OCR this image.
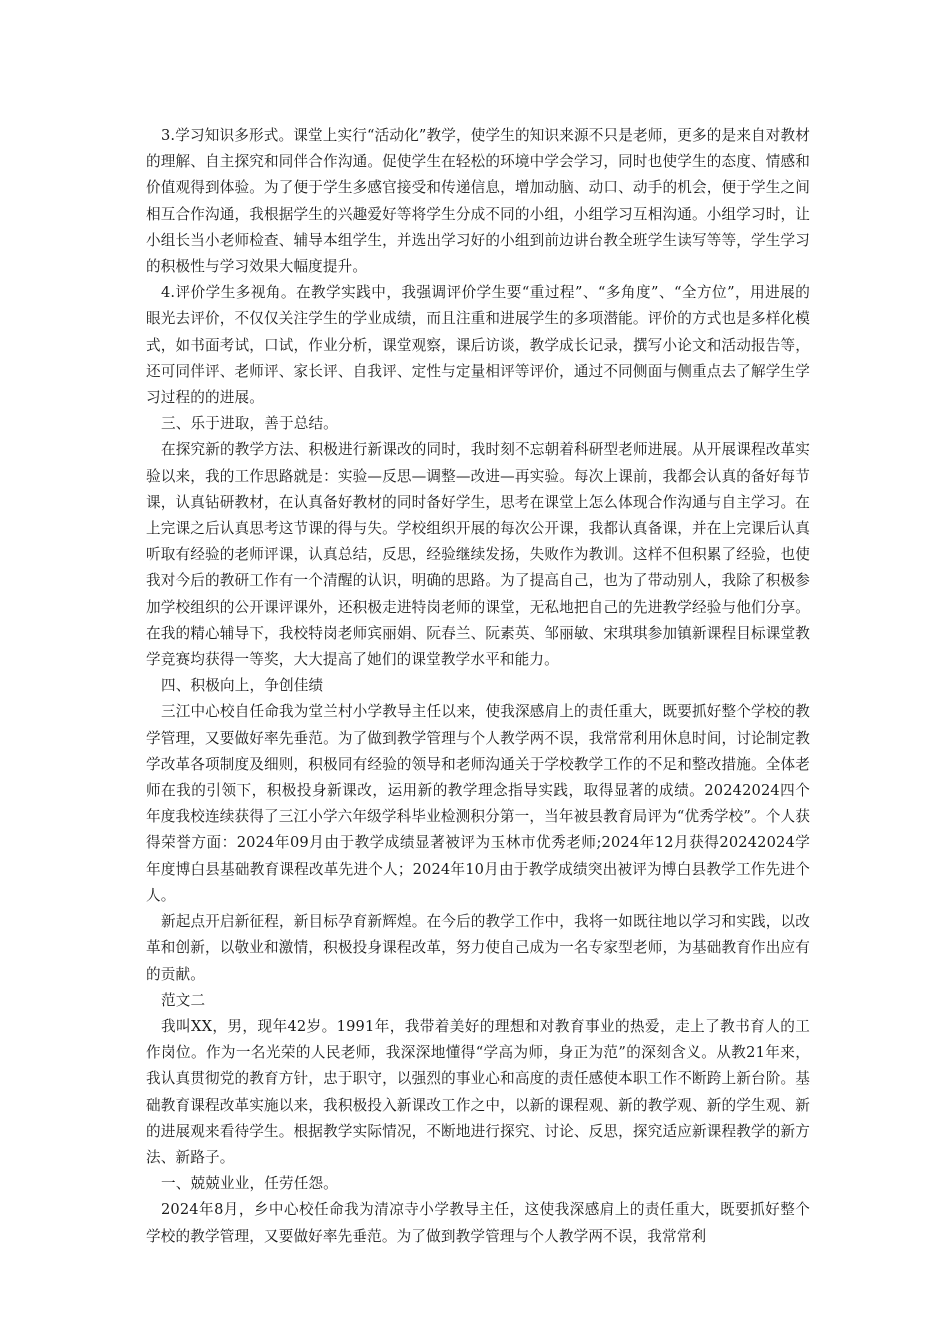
3.学习知识多形式。课堂上实行“活动化”教学，使学生的知识来源不只是老师，更多的是来自对教材的理解、自主探究和同伴合作沟通。促使学生在轻松的环境中学会学习，同时也使学生的态度、情感和价值观得到体验。为了便于学生多感官接受和传递信息，增加动脑、动口、动手的机会，便于学生之间相互合作沟通，我根据学生的兴趣爱好等将学生分成不同的小组，小组学习互相沟通。小组学习时，让小组长当小老师检查、辅导本组学生，并选出学习好的小组到前边讲台教全班学生读写等等，学生学习的积极性与学习效果大幅度提升。

4.评价学生多视角。在教学实践中，我强调评价学生要“重过程”、“多角度”、“全方位”，用进展的眼光去评价，不仅仅关注学生的学业成绩，而且注重和进展学生的多项潜能。评价的方式也是多样化模式，如书面考试，口试，作业分析，课堂观察，课后访谈，教学成长记录，撰写小论文和活动报告等，还可同伴评、老师评、家长评、自我评、定性与定量相评等评价，通过不同侧面与侧重点去了解学生学习过程的的进展。

三、乐于进取，善于总结。

在探究新的教学方法、积极进行新课改的同时，我时刻不忘朝着科研型老师进展。从开展课程改革实验以来，我的工作思路就是：实验—反思—调整—改进—再实验。每次上课前，我都会认真的备好每节课，认真钻研教材，在认真备好教材的同时备好学生，思考在课堂上怎么体现合作沟通与自主学习。在上完课之后认真思考这节课的得与失。学校组织开展的每次公开课，我都认真备课，并在上完课后认真听取有经验的老师评课，认真总结，反思，经验继续发扬，失败作为教训。这样不但积累了经验，也使我对今后的教研工作有一个清醒的认识，明确的思路。为了提高自己，也为了带动别人，我除了积极参加学校组织的公开课评课外，还积极走进特岗老师的课堂，无私地把自己的先进教学经验与他们分享。在我的精心辅导下，我校特岗老师宾丽娟、阮春兰、阮素英、邹丽敏、宋琪琪参加镇新课程目标课堂教学竞赛均获得一等奖，大大提高了她们的课堂教学水平和能力。

四、积极向上，争创佳绩

三江中心校自任命我为堂兰村小学教导主任以来，使我深感肩上的责任重大，既要抓好整个学校的教学管理，又要做好率先垂范。为了做到教学管理与个人教学两不误，我常常利用休息时间，讨论制定教学改革各项制度及细则，积极同有经验的领导和老师沟通关于学校教学工作的不足和整改措施。全体老师在我的引领下，积极投身新课改，运用新的教学理念指导实践，取得显著的成绩。20242024四个年度我校连续获得了三江小学六年级学科毕业检测积分第一，当年被县教育局评为“优秀学校”。个人获得荣誉方面：2024年09月由于教学成绩显著被评为玉林市优秀老师;2024年12月获得20242024学年度博白县基础教育课程改革先进个人；2024年10月由于教学成绩突出被评为博白县教学工作先进个人。

新起点开启新征程，新目标孕育新辉煌。在今后的教学工作中，我将一如既往地以学习和实践，以改革和创新，以敬业和激情，积极投身课程改革，努力使自己成为一名专家型老师，为基础教育作出应有的贡献。

范文二

我叫XX，男，现年42岁。1991年，我带着美好的理想和对教育事业的热爱，走上了教书育人的工作岗位。作为一名光荣的人民老师，我深深地懂得“学高为师，身正为范”的深刻含义。从教21年来，我认真贯彻党的教育方针，忠于职守，以强烈的事业心和高度的责任感使本职工作不断跨上新台阶。基础教育课程改革实施以来，我积极投入新课改工作之中，以新的课程观、新的教学观、新的学生观、新的进展观来看待学生。根据教学实际情况，不断地进行探究、讨论、反思，探究适应新课程教学的新方法、新路子。

一、兢兢业业，任劳任怨。

2024年8月，乡中心校任命我为清凉寺小学教导主任，这使我深感肩上的责任重大，既要抓好整个学校的教学管理，又要做好率先垂范。为了做到教学管理与个人教学两不误，我常常利
